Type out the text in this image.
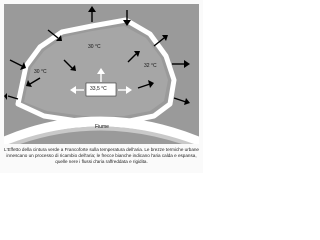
30 °C
30 °C
33,5 °C
32 °C
Fiume
L'Effetto della cintura verde a Francoforte sulla temperatura dell'aria. Le brezze termiche urbane innescano un processo di ricambio dell'aria; le frecce bianche indicano l'aria calda e espansa, quelle nere i flussi d'aria raffreddata e rigidita.
